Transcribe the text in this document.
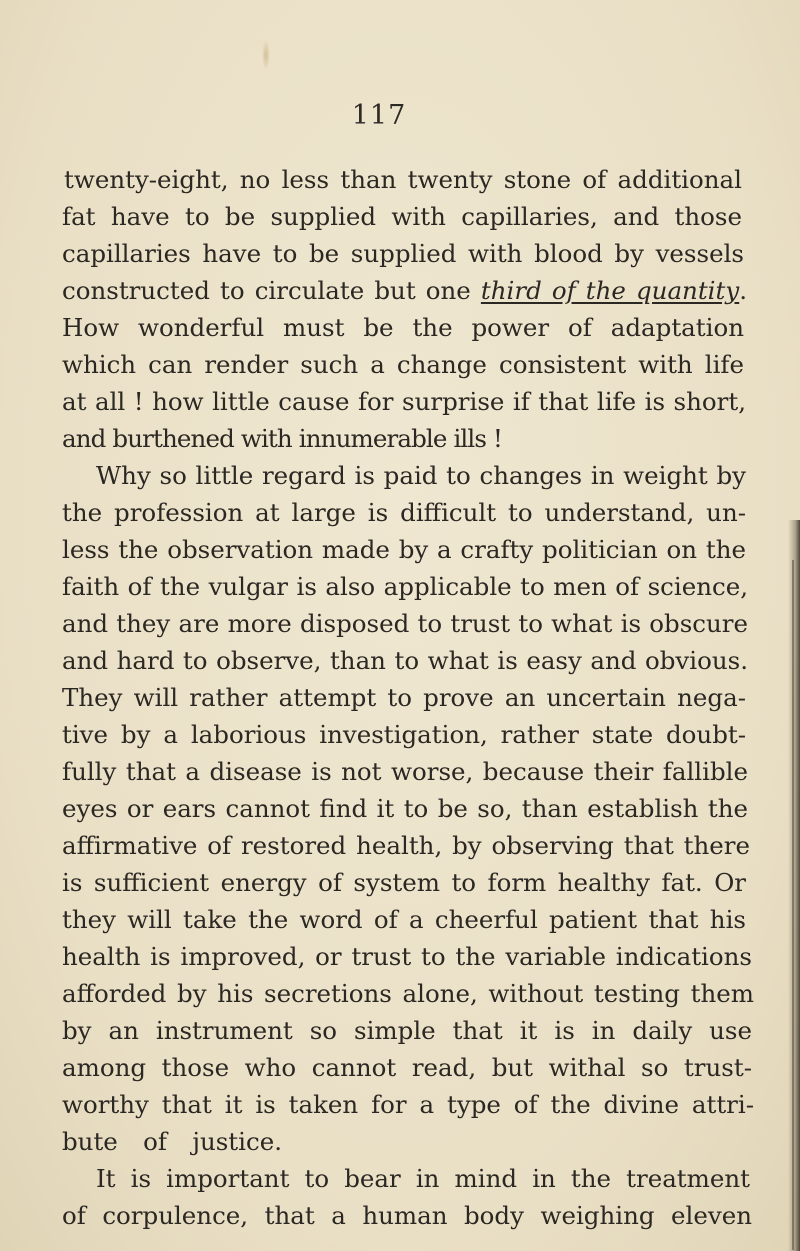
117
twenty-eight, no less than twenty stone of additional
fat have to be supplied with capillaries, and those
capillaries have to be supplied with blood by vessels
constructed to circulate but one third of the quantity.
How wonderful must be the power of adaptation
which can render such a change consistent with life
at all ! how little cause for surprise if that life is short,
and burthened with innumerable ills !
Why so little regard is paid to changes in weight by
the profession at large is difficult to understand, un-
less the observation made by a crafty politician on the
faith of the vulgar is also applicable to men of science,
and they are more disposed to trust to what is obscure
and hard to observe, than to what is easy and obvious.
They will rather attempt to prove an uncertain nega-
tive by a laborious investigation, rather state doubt-
fully that a disease is not worse, because their fallible
eyes or ears cannot find it to be so, than establish the
affirmative of restored health, by observing that there
is sufficient energy of system to form healthy fat. Or
they will take the word of a cheerful patient that his
health is improved, or trust to the variable indications
afforded by his secretions alone, without testing them
by an instrument so simple that it is in daily use
among those who cannot read, but withal so trust-
worthy that it is taken for a type of the divine attri-
bute of justice.
It is important to bear in mind in the treatment
of corpulence, that a human body weighing eleven
